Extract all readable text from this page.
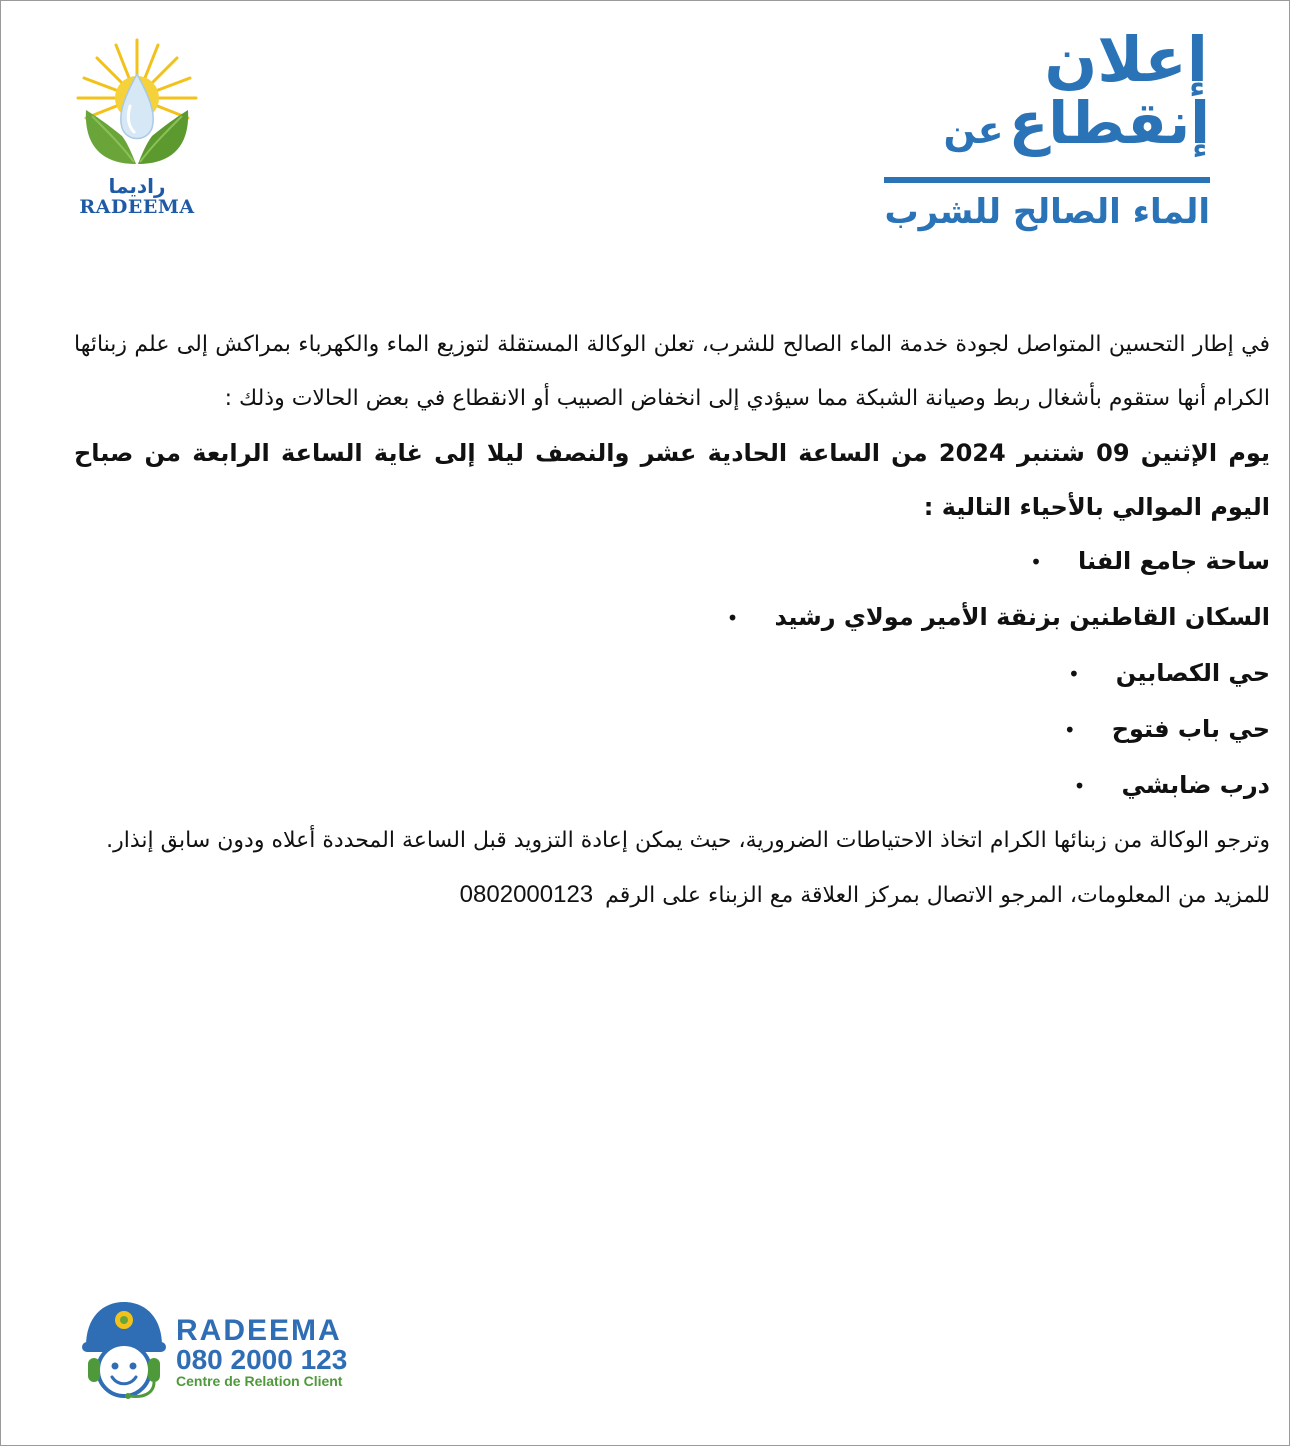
راديما
RADEEMA
إعلان
إنقطاع عن
الماء الصالح للشرب

في إطار التحسين المتواصل لجودة خدمة الماء الصالح للشرب، تعلن الوكالة المستقلة لتوزيع الماء والكهرباء بمراكش إلى علم زبنائها الكرام أنها ستقوم بأشغال ربط وصيانة الشبكة مما سيؤدي إلى انخفاض الصبيب أو الانقطاع في بعض الحالات وذلك :

يوم الإثنين 09 شتنبر 2024 من الساعة الحادية عشر والنصف ليلا إلى غاية الساعة الرابعة من صباح اليوم الموالي بالأحياء التالية :

ساحة جامع الفنا•
السكان القاطنين بزنقة الأمير مولاي رشيد•
حي الكصابين•
حي باب فتوح•
درب ضابشي•

وترجو الوكالة من زبنائها الكرام اتخاذ الاحتياطات الضرورية، حيث يمكن إعادة التزويد قبل الساعة المحددة أعلاه ودون سابق إنذار.

للمزيد من المعلومات، المرجو الاتصال بمركز العلاقة مع الزبناء على الرقم0802000123

RADEEMA
080 2000 123
Centre de Relation Client
